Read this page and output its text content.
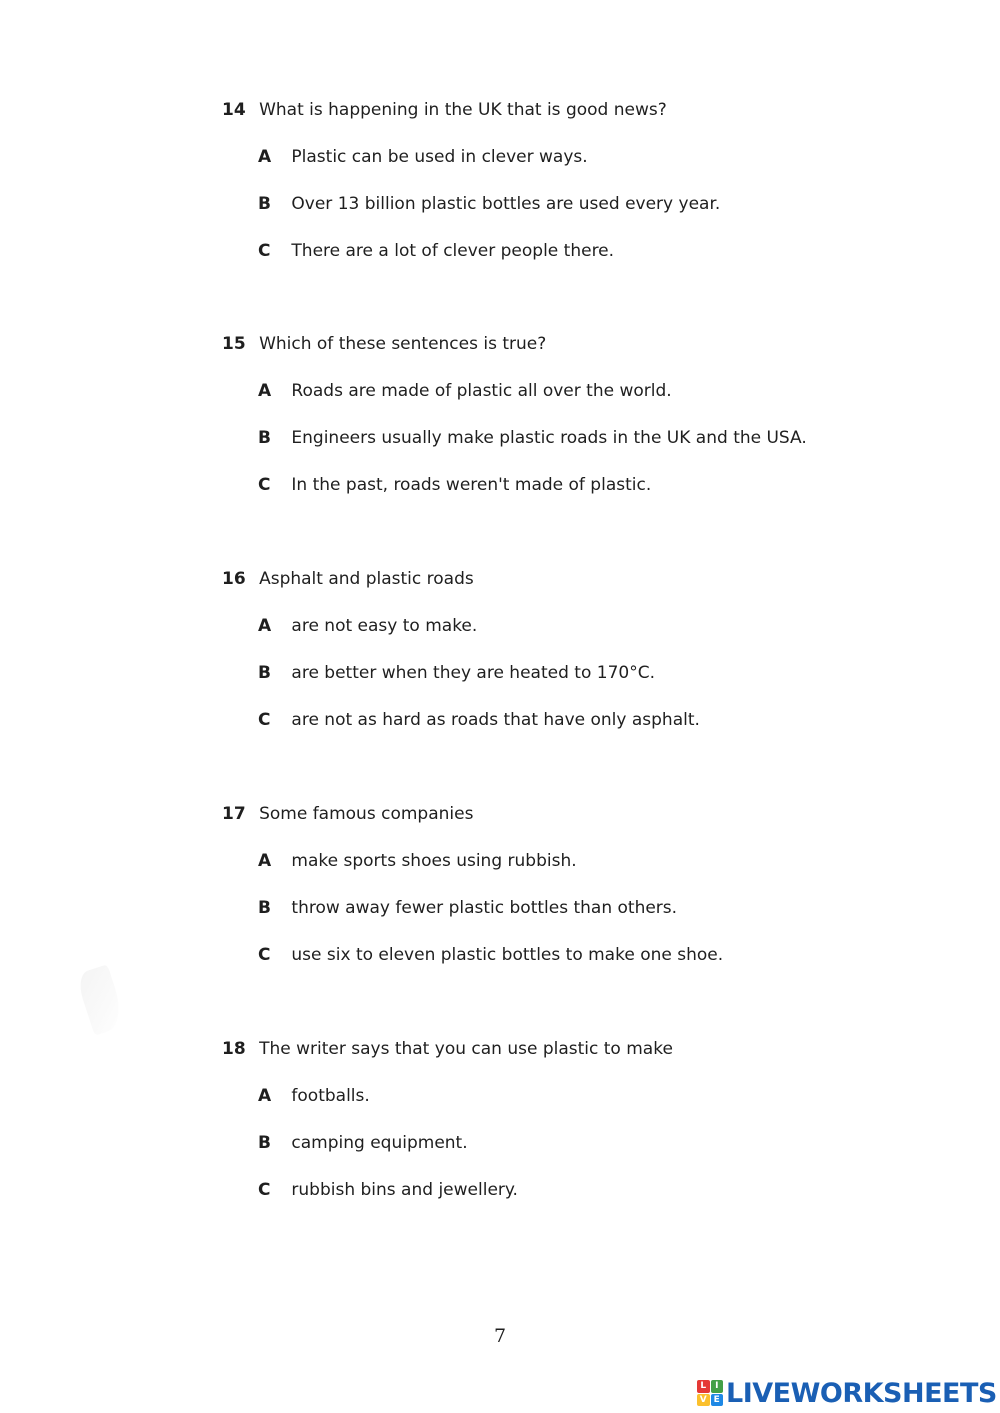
14 What is happening in the UK that is good news?
A Plastic can be used in clever ways.
B Over 13 billion plastic bottles are used every year.
C There are a lot of clever people there.
15 Which of these sentences is true?
A Roads are made of plastic all over the world.
B Engineers usually make plastic roads in the UK and the USA.
C In the past, roads weren't made of plastic.
16 Asphalt and plastic roads
A are not easy to make.
B are better when they are heated to 170°C.
C are not as hard as roads that have only asphalt.
17 Some famous companies
A make sports shoes using rubbish.
B throw away fewer plastic bottles than others.
C use six to eleven plastic bottles to make one shoe.
18 The writer says that you can use plastic to make
A footballs.
B camping equipment.
C rubbish bins and jewellery.
7
L I
V E LIVEWORKSHEETS
